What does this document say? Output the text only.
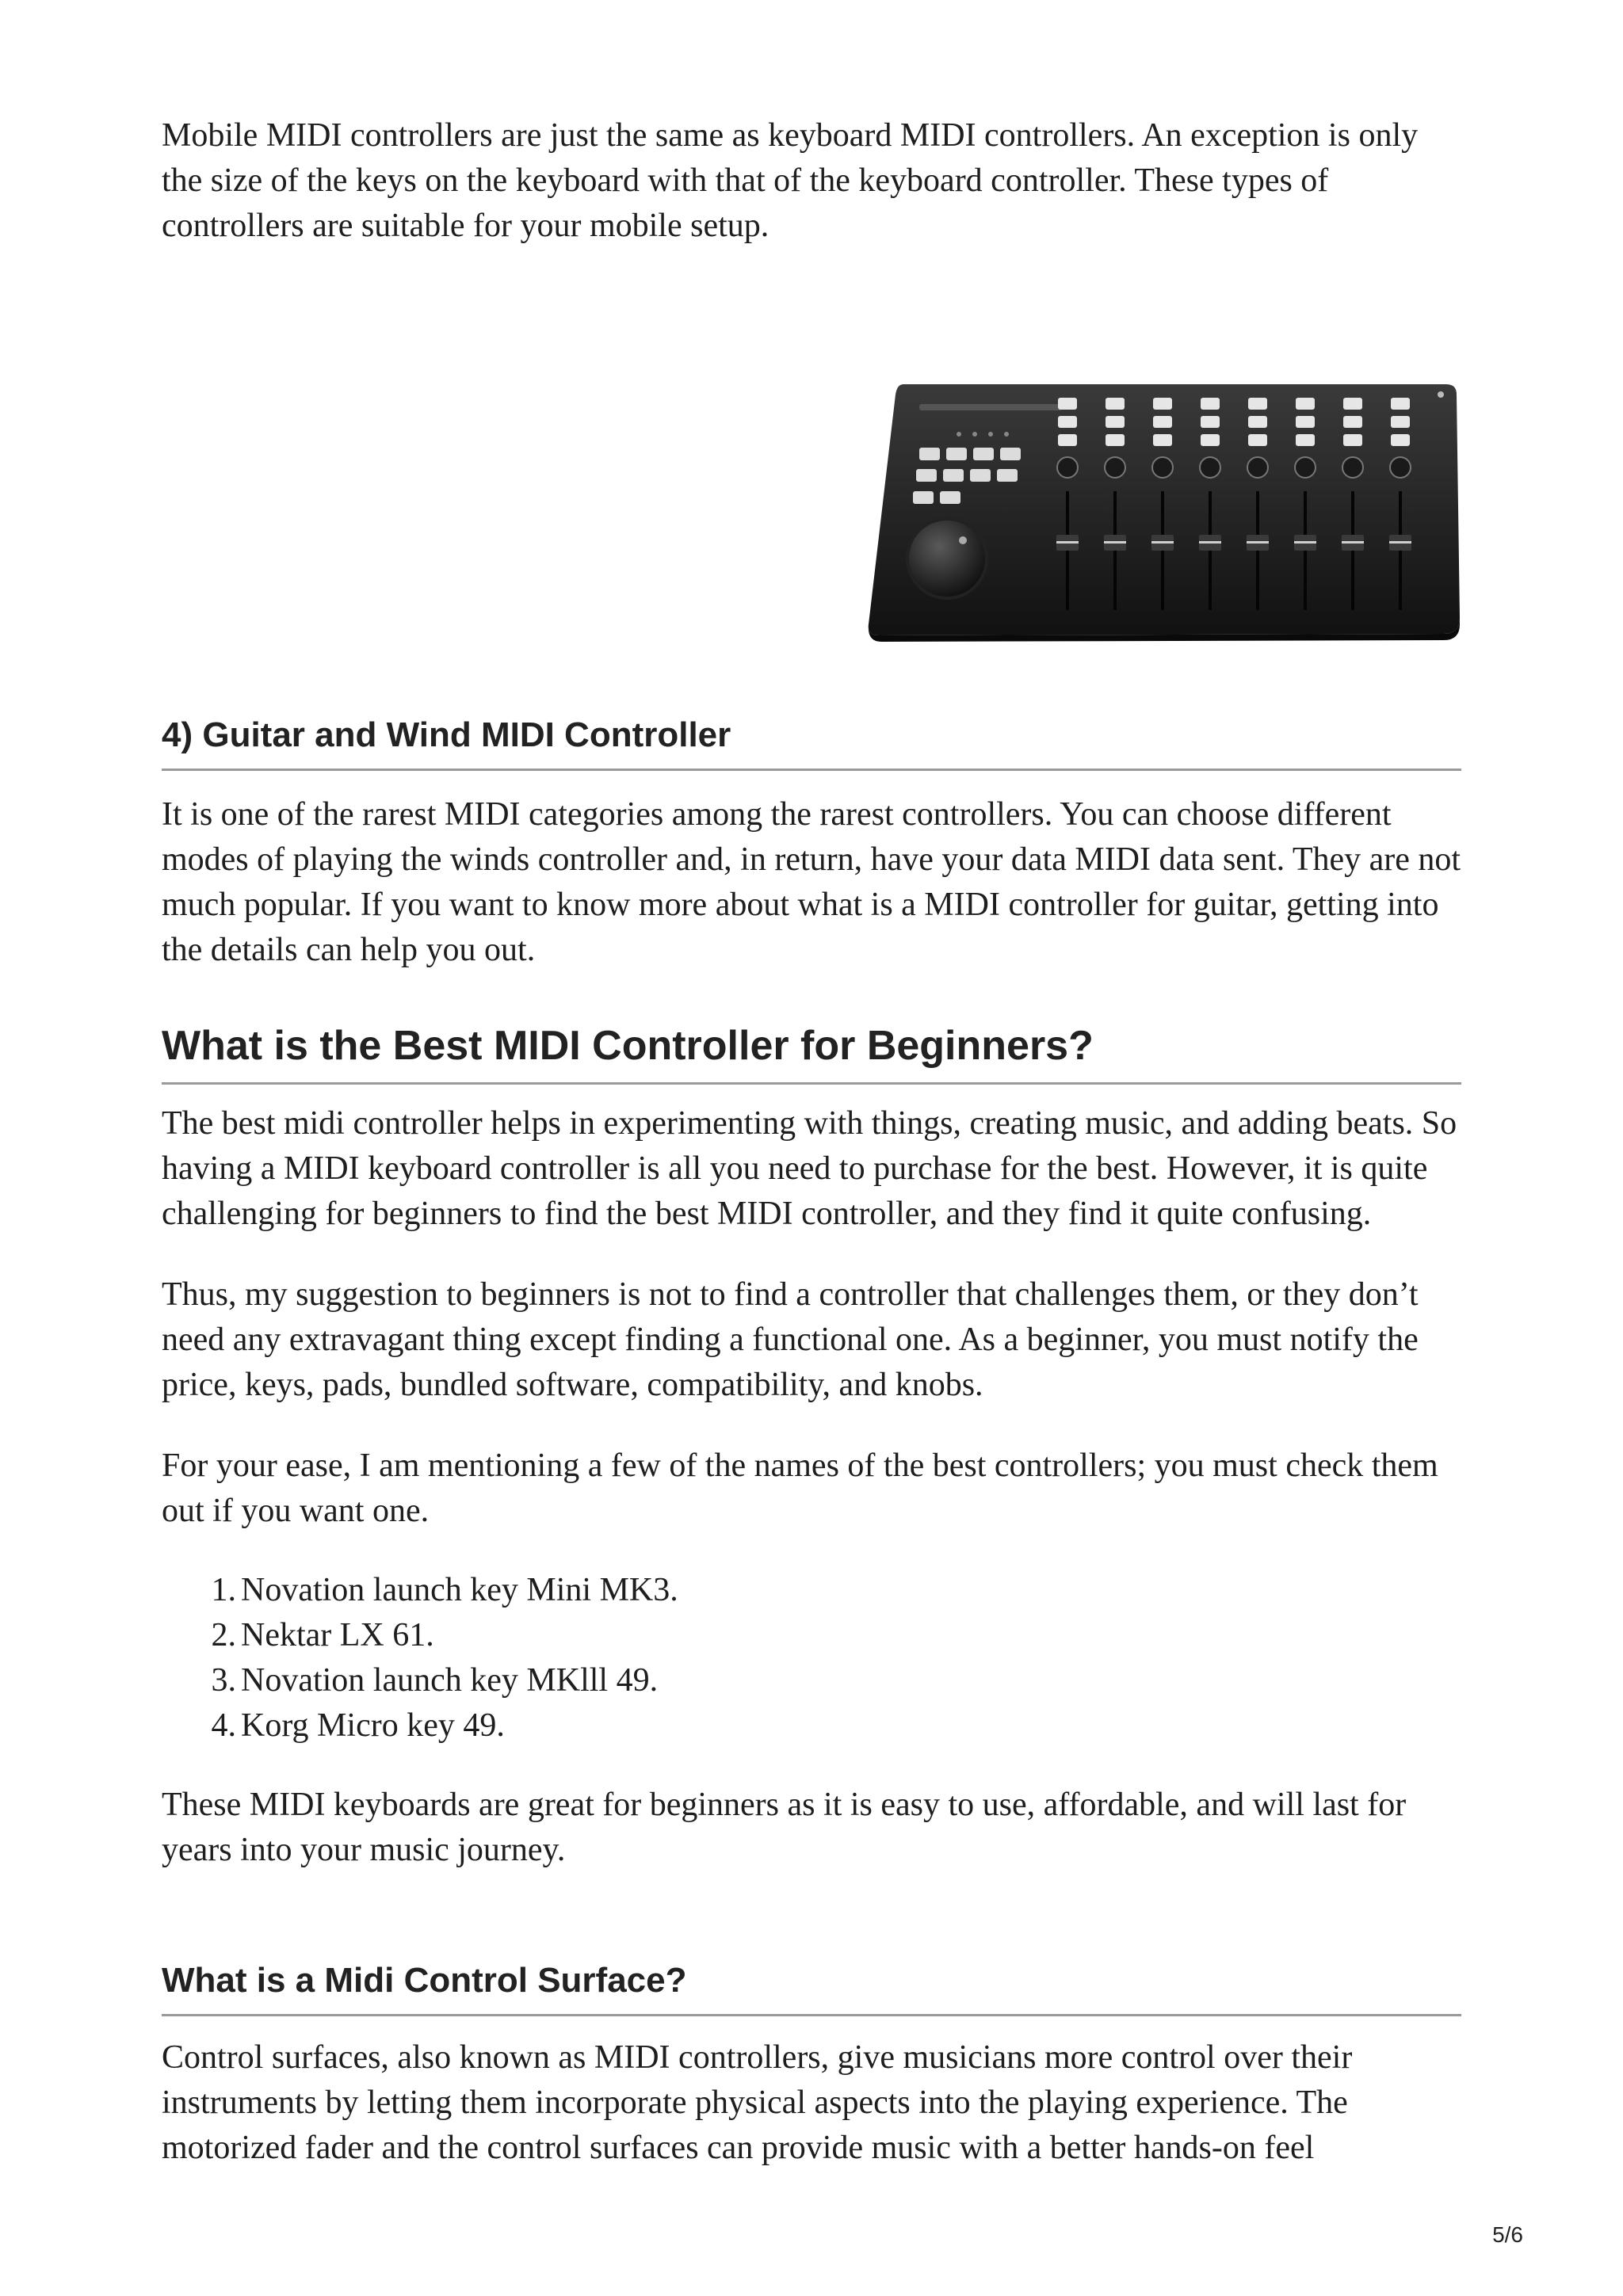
Mobile MIDI controllers are just the same as keyboard MIDI controllers. An exception is only the size of the keys on the keyboard with that of the keyboard controller. These types of controllers are suitable for your mobile setup.

4) Guitar and Wind MIDI Controller

It is one of the rarest MIDI categories among the rarest controllers. You can choose different modes of playing the winds controller and, in return, have your data MIDI data sent. They are not much popular. If you want to know more about what is a MIDI controller for guitar, getting into the details can help you out.

What is the Best MIDI Controller for Beginners?

The best midi controller helps in experimenting with things, creating music, and adding beats. So having a MIDI keyboard controller is all you need to purchase for the best. However, it is quite challenging for beginners to find the best MIDI controller, and they find it quite confusing.

Thus, my suggestion to beginners is not to find a controller that challenges them, or they don’t need any extravagant thing except finding a functional one. As a beginner, you must notify the price, keys, pads, bundled software, compatibility, and knobs.

For your ease, I am mentioning a few of the names of the best controllers; you must check them out if you want one.

1. Novation launch key Mini MK3.
2. Nektar LX 61.
3. Novation launch key MKlll 49.
4. Korg Micro key 49.

These MIDI keyboards are great for beginners as it is easy to use, affordable, and will last for years into your music journey.

What is a Midi Control Surface?

Control surfaces, also known as MIDI controllers, give musicians more control over their instruments by letting them incorporate physical aspects into the playing experience. The motorized fader and the control surfaces can provide music with a better hands-on feel

5/6
